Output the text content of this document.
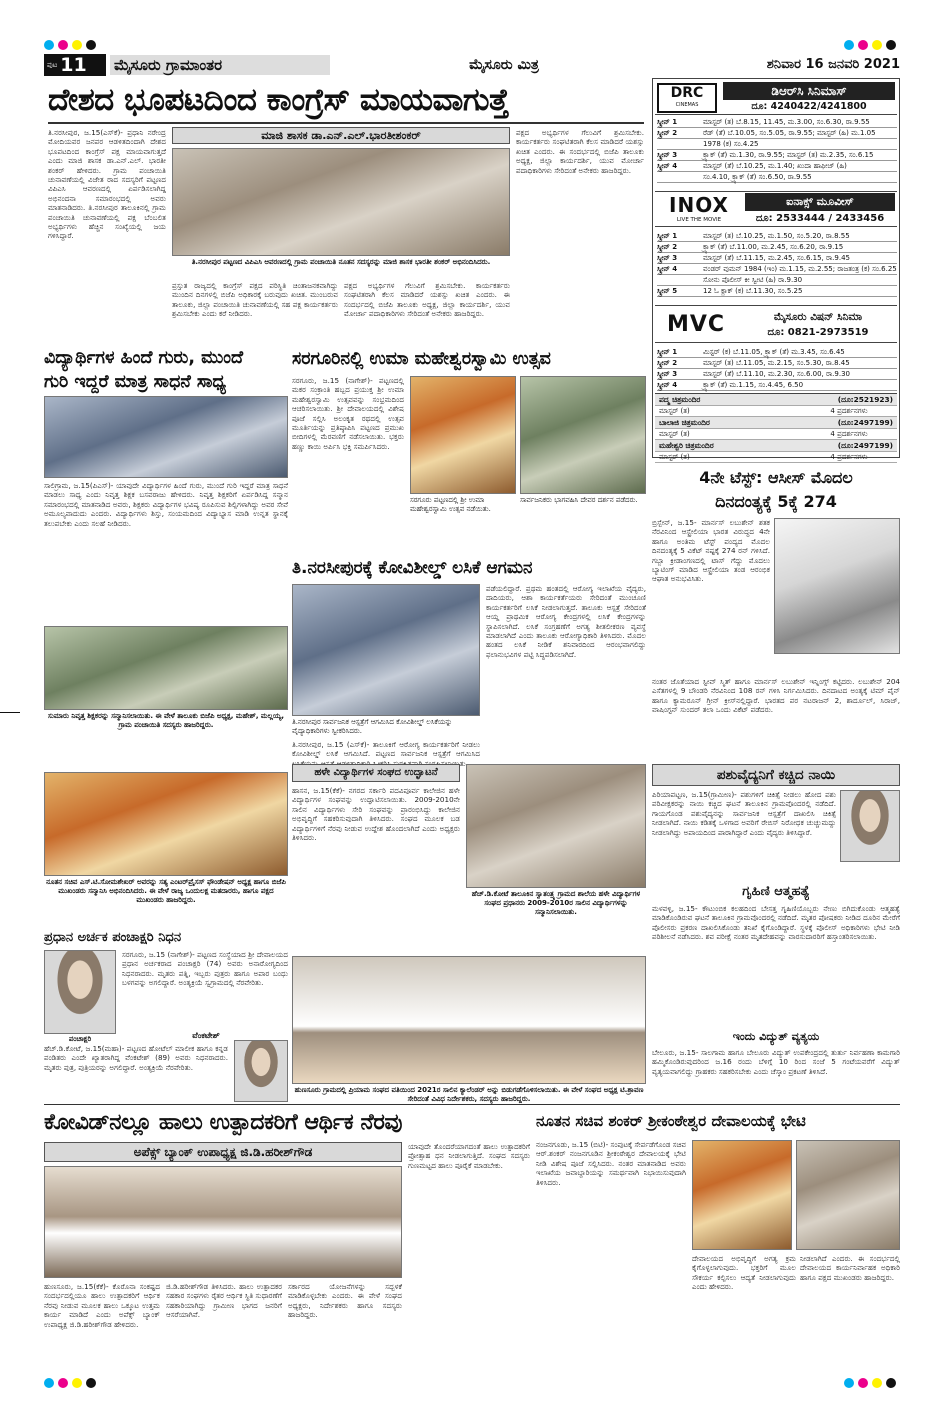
ಪುಟ 11 ಮೈಸೂರು ಗ್ರಾಮಾಂತರ	ಮೈಸೂರು ಮಿತ್ರ	ಶನಿವಾರ 16 ಜನವರಿ 2021
ದೇಶದ ಭೂಪಟದಿಂದ ಕಾಂಗ್ರೆಸ್ ಮಾಯವಾಗುತ್ತೆ
ತಿ.ನರಸೀಪುರ, ಜ.15(ಎಸ್‌ಕೆ)- ಪ್ರಧಾನಿ ನರೇಂದ್ರ ಮೋದಿಯವರ ಜನಪರ ಆಡಳಿತದಿಂದಾಗಿ ದೇಶದ ಭೂಪಟದಿಂದ ಕಾಂಗ್ರೆಸ್ ಪಕ್ಷ ಮಾಯವಾಗುತ್ತದೆ ಎಂದು ಮಾಜಿ ಶಾಸಕ ಡಾ.ಎನ್.ಎಲ್. ಭಾರತೀ ಶಂಕರ್ ಹೇಳಿದರು. ಗ್ರಾಮ ಪಂಚಾಯಿತಿ ಚುನಾವಣೆಯಲ್ಲಿ ವಿಜೇತ ರಾದ ಸದಸ್ಯರಿಗೆ ಪಟ್ಟಣದ ವಿಪಿಎಸಿ ಆವರಣದಲ್ಲಿ ಏರ್ಪಡಿಸಲಾಗಿದ್ದ ಅಭಿನಂದನಾ ಸಮಾರಂಭದಲ್ಲಿ ಅವರು ಮಾತನಾಡಿದರು. ತಿ.ನರಸೀಪುರ ತಾಲೂಕಿನಲ್ಲಿ ಗ್ರಾಮ ಪಂಚಾಯಿತಿ ಚುನಾವಣೆಯಲ್ಲಿ ಪಕ್ಷ ಬೆಂಬಲಿತ ಅಭ್ಯರ್ಥಿಗಳು ಹೆಚ್ಚಿನ ಸಂಖ್ಯೆಯಲ್ಲಿ ಜಯ ಗಳಿಸಿದ್ದಾರೆ.
ಮಾಜಿ ಶಾಸಕ ಡಾ.ಎನ್.ಎಲ್.ಭಾರತೀಶಂಕರ್
ತಿ.ನರಸೀಪುರ ಪಟ್ಟಣದ ವಿಪಿಎಸಿ ಆವರಣದಲ್ಲಿ ಗ್ರಾಮ ಪಂಚಾಯಿತಿ ನೂತನ ಸದಸ್ಯರನ್ನು ಮಾಜಿ ಶಾಸಕ ಭಾರತೀ ಶಂಕರ್ ಅಭಿನಂದಿಸಿದರು.
ಪ್ರಸ್ತುತ ರಾಜ್ಯದಲ್ಲಿ ಕಾಂಗ್ರೆಸ್ ಪಕ್ಷದ ಪರಿಸ್ಥಿತಿ ಚಿಂತಾಜನಕವಾಗಿದ್ದು ಮುಂದಿನ ದಿನಗಳಲ್ಲಿ ಬಿಜೆಪಿ ಅಧಿಕಾರಕ್ಕೆ ಬರುವುದು ಖಚಿತ. ಮುಂಬರುವ ತಾಲೂಕು, ಜಿಲ್ಲಾ ಪಂಚಾಯಿತಿ ಚುನಾವಣೆಯಲ್ಲಿ ಸಹ ಪಕ್ಷ ಕಾರ್ಯಕರ್ತರು ಶ್ರಮಿಸಬೇಕು ಎಂದು ಕರೆ ನೀಡಿದರು.
ಪಕ್ಷದ ಅಭ್ಯರ್ಥಿಗಳ ಗೆಲುವಿಗೆ ಶ್ರಮಿಸಬೇಕು. ಕಾರ್ಯಕರ್ತರು ಸಂಘಟಿತರಾಗಿ ಕೆಲಸ ಮಾಡಿದರೆ ಯಶಸ್ಸು ಖಚಿತ ಎಂದರು. ಈ ಸಂದರ್ಭದಲ್ಲಿ ಬಿಜೆಪಿ ತಾಲೂಕು ಅಧ್ಯಕ್ಷ, ಜಿಲ್ಲಾ ಕಾರ್ಯದರ್ಶಿ, ಯುವ ಮೋರ್ಚಾ ಪದಾಧಿಕಾರಿಗಳು ಸೇರಿದಂತೆ ಅನೇಕರು ಹಾಜರಿದ್ದರು.
ಪಕ್ಷದ ಅಭ್ಯರ್ಥಿಗಳ ಗೆಲುವಿಗೆ ಶ್ರಮಿಸಬೇಕು. ಕಾರ್ಯಕರ್ತರು ಸಂಘಟಿತರಾಗಿ ಕೆಲಸ ಮಾಡಿದರೆ ಯಶಸ್ಸು ಖಚಿತ ಎಂದರು. ಈ ಸಂದರ್ಭದಲ್ಲಿ ಬಿಜೆಪಿ ತಾಲೂಕು ಅಧ್ಯಕ್ಷ, ಜಿಲ್ಲಾ ಕಾರ್ಯದರ್ಶಿ, ಯುವ ಮೋರ್ಚಾ ಪದಾಧಿಕಾರಿಗಳು ಸೇರಿದಂತೆ ಅನೇಕರು ಹಾಜರಿದ್ದರು.
DRC
CINEMAS
ಡಿಆರ್‌ಸಿ ಸಿನಿಮಾಸ್
ದೂ: 4240422/4241800
ಸ್ಕ್ರೀನ್ 1	ಮಾಸ್ಟರ್ (ತ) ಬೆ.8.15, 11.45, ಮ.3.00, ಸಂ.6.30, ರಾ.9.55
ಸ್ಕ್ರೀನ್ 2	ರೆಡ್ (ತೆ) ಬೆ.10.05, ಸಂ.5.05, ರಾ.9.55; ಮಾಸ್ಟರ್ (ಹಿ) ಮ.1.05
1978 (ಕ) ಸಂ.4.25
ಸ್ಕ್ರೀನ್ 3	ಕ್ರ್ಯಾಕ್ (ತೆ) ಮ.1.30, ರಾ.9.55; ಮಾಸ್ಟರ್ (ತ) ಮ.2.35, ಸಂ.6.15
ಸ್ಕ್ರೀನ್ 4	ಮಾಸ್ಟರ್ (ತೆ) ಬೆ.10.25, ಮ.1.40; ಖುದಾ ಹಾಫೀಜ್ (ಹಿ)
ಸಂ.4.10, ಕ್ರ್ಯಾಕ್ (ತೆ) ಸಂ.6.50, ರಾ.9.55
INOX
LIVE THE MOVIE
ಐನಾಕ್ಸ್ ಮೂವೀಸ್
ದೂ: 2533444 / 2433456
ಸ್ಕ್ರೀನ್ 1	ಮಾಸ್ಟರ್ (ತ) ಬೆ.10.25, ಮ.1.50, ಸಂ.5.20, ರಾ.8.55
ಸ್ಕ್ರೀನ್ 2	ಕ್ರ್ಯಾಕ್ (ತೆ) ಬೆ.11.00, ಮ.2.45, ಸಂ.6.20, ರಾ.9.15
ಸ್ಕ್ರೀನ್ 3	ಮಾಸ್ಟರ್ (ತೆ) ಬೆ.11.15, ಮ.2.45, ಸಂ.6.15, ರಾ.9.45
ಸ್ಕ್ರೀನ್ 4	ವಂಡರ್ ವುಮನ್ 1984 (ಇಂ) ಮ.1.15, ಮ.2.55; ರಾಜತಂತ್ರ (ಕ) ಸಂ.6.25
ಸೋನು ಪೊಲೀಸ್ ಕೀ ಸ್ವೀಟಿ (ಹಿ) ರಾ.9.30
ಸ್ಕ್ರೀನ್ 5	12 ಓ ಕ್ಲಾಕ್ (ಕ) ಬೆ.11.30, ಸಂ.5.25
MVC	ಮೈಸೂರು ವಿಷನ್ ಸಿನಿಮಾ
ದೂ: 0821-2973519
ಸ್ಕ್ರೀನ್ 1	ಮಿಸ್ಟರ್ (ಕ) ಬೆ.11.05, ಕ್ರ್ಯಾಕ್ (ತೆ) ಮ.3.45, ಸಂ.6.45
ಸ್ಕ್ರೀನ್ 2	ಮಾಸ್ಟರ್ (ತ) ಬೆ.11.05, ಮ.2.15, ಸಂ.5.30, ರಾ.8.45
ಸ್ಕ್ರೀನ್ 3	ಮಾಸ್ಟರ್ (ತೆ) ಬೆ.11.10, ಮ.2.30, ಸಂ.6.00, ರಾ.9.30
ಸ್ಕ್ರೀನ್ 4	ಕ್ರ್ಯಾಕ್ (ತೆ) ಮ.1.15, ಸಂ.4.45, 6.50
ಪದ್ಮ ಚಿತ್ರಮಂದಿರ	(ದೂ:2521923)
ಮಾಸ್ಟರ್ (ತ)	4 ಪ್ರದರ್ಶನಗಳು
ಬಾಲಾಜಿ ಚಿತ್ರಮಂದಿರ	(ದೂ:2497199)
ಮಾಸ್ಟರ್ (ತ)	4 ಪ್ರದರ್ಶನಗಳು
ಮಹೇಶ್ವರಿ ಚಿತ್ರಮಂದಿರ	(ದೂ:2497199)
ಮಾಸ್ಟರ್ (ತ)	4 ಪ್ರದರ್ಶನಗಳು
ವಿದ್ಯಾರ್ಥಿಗಳ ಹಿಂದೆ ಗುರು, ಮುಂದೆ
ಗುರಿ ಇದ್ದರೆ ಮಾತ್ರ ಸಾಧನೆ ಸಾಧ್ಯ
ಸಾಲಿಗ್ರಾಮ, ಜ.15(ಪಿಎಸ್)- ಯಾವುದೇ ವಿದ್ಯಾರ್ಥಿಗಳ ಹಿಂದೆ ಗುರು, ಮುಂದೆ ಗುರಿ ಇದ್ದರೆ ಮಾತ್ರ ಸಾಧನೆ ಮಾಡಲು ಸಾಧ್ಯ ಎಂದು ನಿವೃತ್ತ ಶಿಕ್ಷಕ ಬಸವರಾಜು ಹೇಳಿದರು. ನಿವೃತ್ತ ಶಿಕ್ಷಕರಿಗೆ ಏರ್ಪಡಿಸಿದ್ದ ಸನ್ಮಾನ ಸಮಾರಂಭದಲ್ಲಿ ಮಾತನಾಡಿದ ಅವರು, ಶಿಕ್ಷಕರು ವಿದ್ಯಾರ್ಥಿಗಳ ಭವಿಷ್ಯ ರೂಪಿಸುವ ಶಿಲ್ಪಿಗಳಾಗಿದ್ದು ಅವರ ಸೇವೆ ಅಮೂಲ್ಯವಾದುದು ಎಂದರು. ವಿದ್ಯಾರ್ಥಿಗಳು ಶಿಸ್ತು, ಸಂಯಮದಿಂದ ವಿದ್ಯಾಭ್ಯಾಸ ಮಾಡಿ ಉನ್ನತ ಸ್ಥಾನಕ್ಕೆ ತಲುಪಬೇಕು ಎಂದು ಸಲಹೆ ನೀಡಿದರು.
ಸುಮಾರು ನಿವೃತ್ತ ಶಿಕ್ಷಕರನ್ನು ಸನ್ಮಾನಿಸಲಾಯಿತು. ಈ ವೇಳೆ ತಾಲೂಕು ಬಿಜೆಪಿ ಅಧ್ಯಕ್ಷ, ಮಹೇಶ್, ಮಲ್ಲಯ್ಯ, ಗ್ರಾಮ ಪಂಚಾಯಿತಿ ಸದಸ್ಯರು ಹಾಜರಿದ್ದರು.
ಸರಗೂರಿನಲ್ಲಿ ಉಮಾ ಮಹೇಶ್ವರಸ್ವಾಮಿ ಉತ್ಸವ
ಸರಗೂರು, ಜ.15 (ನಾಗೇಶ್)- ಪಟ್ಟಣದಲ್ಲಿ ಮಕರ ಸಂಕ್ರಾಂತಿ ಹಬ್ಬದ ಪ್ರಯುಕ್ತ ಶ್ರೀ ಉಮಾ ಮಹೇಶ್ವರಸ್ವಾಮಿ ಉತ್ಸವವನ್ನು ಸಂಭ್ರಮದಿಂದ ಆಚರಿಸಲಾಯಿತು. ಶ್ರೀ ದೇವಾಲಯದಲ್ಲಿ ವಿಶೇಷ ಪೂಜೆ ಸಲ್ಲಿಸಿ ಅಲಂಕೃತ ರಥದಲ್ಲಿ ಉತ್ಸವ ಮೂರ್ತಿಯನ್ನು ಪ್ರತಿಷ್ಠಾಪಿಸಿ ಪಟ್ಟಣದ ಪ್ರಮುಖ ಬೀದಿಗಳಲ್ಲಿ ಮೆರವಣಿಗೆ ನಡೆಸಲಾಯಿತು. ಭಕ್ತರು ಹಣ್ಣು ಕಾಯಿ ಅರ್ಪಿಸಿ ಭಕ್ತಿ ಸಮರ್ಪಿಸಿದರು.
ಸರಗೂರು ಪಟ್ಟಣದಲ್ಲಿ ಶ್ರೀ ಉಮಾ ಮಹೇಶ್ವರಸ್ವಾಮಿ ಉತ್ಸವ ನಡೆಯಿತು.
ಸಾರ್ವಜನಿಕರು ಭಾಗವಹಿಸಿ ದೇವರ ದರ್ಶನ ಪಡೆದರು.
4ನೇ ಟೆಸ್ಟ್: ಆಸೀಸ್ ಮೊದಲ
ದಿನದಂತ್ಯಕ್ಕೆ 5ಕ್ಕೆ 274
ಬ್ರಿಸ್ಬೇನ್, ಜ.15- ಮಾರ್ನಸ್ ಲಬುಶೇನ್ ಶತಕ ನೆರವಿನಿಂದ ಆಸ್ಟ್ರೇಲಿಯಾ ಭಾರತ ವಿರುದ್ಧದ 4ನೇ ಹಾಗೂ ಅಂತಿಮ ಟೆಸ್ಟ್ ಪಂದ್ಯದ ಮೊದಲ ದಿನದಂತ್ಯಕ್ಕೆ 5 ವಿಕೆಟ್ ನಷ್ಟಕ್ಕೆ 274 ರನ್ ಗಳಿಸಿದೆ. ಗಬ್ಬಾ ಕ್ರೀಡಾಂಗಣದಲ್ಲಿ ಟಾಸ್ ಗೆದ್ದು ಮೊದಲು ಬ್ಯಾಟಿಂಗ್ ಮಾಡಿದ ಆಸ್ಟ್ರೇಲಿಯಾ ತಂಡ ಆರಂಭಿಕ ಆಘಾತ ಅನುಭವಿಸಿತು.
ನಂತರ ಜೊತೆಯಾದ ಸ್ಟೀವ್ ಸ್ಮಿತ್ ಹಾಗೂ ಮಾರ್ನಸ್ ಲಬುಶೇನ್ ಇನ್ನಿಂಗ್ಸ್ ಕಟ್ಟಿದರು. ಲಬುಶೇನ್ 204 ಎಸೆತಗಳಲ್ಲಿ 9 ಬೌಂಡರಿ ನೆರವಿನಿಂದ 108 ರನ್ ಗಳಿಸಿ ನಿರ್ಗಮಿಸಿದರು. ದಿನದಾಟದ ಅಂತ್ಯಕ್ಕೆ ಟಿಮ್ ಪೈನ್ ಹಾಗೂ ಕ್ಯಾಮರೂನ್ ಗ್ರೀನ್ ಕ್ರೀಸ್‌ನಲ್ಲಿದ್ದಾರೆ. ಭಾರತದ ಪರ ನಟರಾಜನ್ 2, ಶಾರ್ದೂಲ್, ಸಿರಾಜ್, ವಾಷಿಂಗ್ಟನ್ ಸುಂದರ್ ತಲಾ ಒಂದು ವಿಕೆಟ್ ಪಡೆದರು.
ತಿ.ನರಸೀಪುರಕ್ಕೆ ಕೋವಿಶೀಲ್ಡ್ ಲಸಿಕೆ ಆಗಮನ
ಪಡೆಯಲಿದ್ದಾರೆ. ಪ್ರಥಮ ಹಂತದಲ್ಲಿ ಆರೋಗ್ಯ ಇಲಾಖೆಯ ವೈದ್ಯರು, ದಾದಿಯರು, ಆಶಾ ಕಾರ್ಯಕರ್ತೆಯರು ಸೇರಿದಂತೆ ಮುಂಚೂಣಿ ಕಾರ್ಯಕರ್ತರಿಗೆ ಲಸಿಕೆ ನೀಡಲಾಗುತ್ತದೆ. ತಾಲೂಕು ಆಸ್ಪತ್ರೆ ಸೇರಿದಂತೆ ಆಯ್ದ ಪ್ರಾಥಮಿಕ ಆರೋಗ್ಯ ಕೇಂದ್ರಗಳಲ್ಲಿ ಲಸಿಕೆ ಕೇಂದ್ರಗಳನ್ನು ಸ್ಥಾಪಿಸಲಾಗಿದೆ. ಲಸಿಕೆ ಸಂಗ್ರಹಣೆಗೆ ಅಗತ್ಯ ಶೀತಲೀಕರಣ ವ್ಯವಸ್ಥೆ ಮಾಡಲಾಗಿದೆ ಎಂದು ತಾಲೂಕು ಆರೋಗ್ಯಾಧಿಕಾರಿ ತಿಳಿಸಿದರು. ಮೊದಲ ಹಂತದ ಲಸಿಕೆ ನೀಡಿಕೆ ಶನಿವಾರದಿಂದ ಆರಂಭವಾಗಲಿದ್ದು ಫಲಾನುಭವಿಗಳ ಪಟ್ಟಿ ಸಿದ್ಧಪಡಿಸಲಾಗಿದೆ.
ತಿ.ನರಸೀಪುರ ಸಾರ್ವಜನಿಕ ಆಸ್ಪತ್ರೆಗೆ ಆಗಮಿಸಿದ ಕೋವಿಶೀಲ್ಡ್ ಲಸಿಕೆಯನ್ನು ವೈದ್ಯಾಧಿಕಾರಿಗಳು ಸ್ವೀಕರಿಸಿದರು.
ತಿ.ನರಸೀಪುರ, ಜ.15 (ಎಸ್‌ಕೆ)- ತಾಲೂಕಿಗೆ ಆರೋಗ್ಯ ಕಾರ್ಯಕರ್ತರಿಗೆ ನೀಡಲು ಕೋವಿಶೀಲ್ಡ್ ಲಸಿಕೆ ಆಗಮಿಸಿದೆ. ಪಟ್ಟಣದ ಸಾರ್ವಜನಿಕ ಆಸ್ಪತ್ರೆಗೆ ಆಗಮಿಸಿದ
ಪಶುವೈದ್ಯನಿಗೆ ಕಚ್ಚಿದ ನಾಯಿ
ಪಿರಿಯಾಪಟ್ಟಣ, ಜ.15(ಗ್ರಾಮೀಣ)- ಪಶುಗಳಿಗೆ ಚಿಕಿತ್ಸೆ ನೀಡಲು ಹೋದ ಪಶು ಪರಿವೀಕ್ಷಕರನ್ನು ನಾಯಿ ಕಚ್ಚಿದ ಘಟನೆ ತಾಲೂಕಿನ ಗ್ರಾಮವೊಂದರಲ್ಲಿ ನಡೆದಿದೆ. ಗಾಯಗೊಂಡ ಪಶುವೈದ್ಯನನ್ನು ಸಾರ್ವಜನಿಕ ಆಸ್ಪತ್ರೆಗೆ ದಾಖಲಿಸಿ ಚಿಕಿತ್ಸೆ ನೀಡಲಾಗಿದೆ. ನಾಯಿ ಕಡಿತಕ್ಕೆ ಒಳಗಾದ ಅವರಿಗೆ ರೇಬಿಸ್ ನಿರೋಧಕ ಚುಚ್ಚುಮದ್ದು ನೀಡಲಾಗಿದ್ದು ಅಪಾಯದಿಂದ ಪಾರಾಗಿದ್ದಾರೆ ಎಂದು ವೈದ್ಯರು ತಿಳಿಸಿದ್ದಾರೆ.
ಗೃಹಿಣಿ ಆತ್ಮಹತ್ಯೆ
ಮಳವಳ್ಳಿ, ಜ.15- ಕೌಟುಂಬಿಕ ಕಲಹದಿಂದ ಬೇಸತ್ತ ಗೃಹಿಣಿಯೊಬ್ಬರು ನೇಣು ಬಿಗಿದುಕೊಂಡು ಆತ್ಮಹತ್ಯೆ ಮಾಡಿಕೊಂಡಿರುವ ಘಟನೆ ತಾಲೂಕಿನ ಗ್ರಾಮವೊಂದರಲ್ಲಿ ನಡೆದಿದೆ. ಮೃತರ ಪೋಷಕರು ನೀಡಿದ ದೂರಿನ ಮೇರೆಗೆ ಪೊಲೀಸರು ಪ್ರಕರಣ ದಾಖಲಿಸಿಕೊಂಡು ತನಿಖೆ ಕೈಗೊಂಡಿದ್ದಾರೆ. ಸ್ಥಳಕ್ಕೆ ಪೊಲೀಸ್ ಅಧಿಕಾರಿಗಳು ಭೇಟಿ ನೀಡಿ ಪರಿಶೀಲನೆ ನಡೆಸಿದರು. ಶವ ಪರೀಕ್ಷೆ ನಂತರ ಮೃತದೇಹವನ್ನು ವಾರಸುದಾರರಿಗೆ ಹಸ್ತಾಂತರಿಸಲಾಯಿತು.
ಇಂದು ವಿದ್ಯುತ್ ವ್ಯತ್ಯಯ
ಬೇಲೂರು, ಜ.15- ಸಾಲಗಾಮ ಹಾಗೂ ಬೇಲೂರು ವಿದ್ಯುತ್ ಉಪಕೇಂದ್ರದಲ್ಲಿ ತುರ್ತು ನಿರ್ವಹಣಾ ಕಾಮಗಾರಿ ಹಮ್ಮಿಕೊಂಡಿರುವುದರಿಂದ ಜ.16 ರಂದು ಬೆಳಿಗ್ಗೆ 10 ರಿಂದ ಸಂಜೆ 5 ಗಂಟೆಯವರೆಗೆ ವಿದ್ಯುತ್ ವ್ಯತ್ಯಯವಾಗಲಿದ್ದು ಗ್ರಾಹಕರು ಸಹಕರಿಸಬೇಕು ಎಂದು ಚೆಸ್ಕಾಂ ಪ್ರಕಟಣೆ ತಿಳಿಸಿದೆ.
ನೂತನ ಸಚಿವ ಎಸ್.ಟಿ.ಸೋಮಶೇಖರ್ ಅವರನ್ನು ಸತ್ಯ ಎಂಟರ್‌ಪ್ರೈಸಸ್ ಫೌಂಡೇಷನ್ ಅಧ್ಯಕ್ಷ ಹಾಗೂ ಬಿಜೆಪಿ ಮುಖಂಡರು ಸನ್ಮಾನಿಸಿ ಅಭಿನಂದಿಸಿದರು. ಈ ವೇಳೆ ರಾಜ್ಯ ಒಂದುಲಕ್ಷ ಮತದಾರರು, ಹಾಗೂ ಪಕ್ಷದ ಮುಖಂಡರು ಹಾಜರಿದ್ದರು.
ಹಳೇ ವಿದ್ಯಾರ್ಥಿಗಳ ಸಂಘದ ಉದ್ಘಾಟನೆ
ಹಾಸನ, ಜ.15(ಕೆಕೆ)- ನಗರದ ಸರ್ಕಾರಿ ಪದವಿಪೂರ್ವ ಕಾಲೇಜಿನ ಹಳೇ ವಿದ್ಯಾರ್ಥಿಗಳ ಸಂಘವನ್ನು ಉದ್ಘಾಟಿಸಲಾಯಿತು. 2009-2010ನೇ ಸಾಲಿನ ವಿದ್ಯಾರ್ಥಿಗಳು ಸೇರಿ ಸಂಘವನ್ನು ಪ್ರಾರಂಭಿಸಿದ್ದು ಕಾಲೇಜಿನ ಅಭಿವೃದ್ಧಿಗೆ ಸಹಕರಿಸುವುದಾಗಿ ತಿಳಿಸಿದರು. ಸಂಘದ ಮೂಲಕ ಬಡ ವಿದ್ಯಾರ್ಥಿಗಳಿಗೆ ನೆರವು ನೀಡುವ ಉದ್ದೇಶ ಹೊಂದಲಾಗಿದೆ ಎಂದು ಅಧ್ಯಕ್ಷರು ತಿಳಿಸಿದರು.
ಹೆಚ್.ಡಿ.ಕೋಟೆ ತಾಲೂಕಿನ ಸ್ವಾತಂತ್ರ್ಯ ಗ್ರಾಮದ ಶಾಲೆಯ ಹಳೇ ವಿದ್ಯಾರ್ಥಿಗಳ ಸಂಘದ ಪ್ರಧಾನರು 2009-2010ರ ಸಾಲಿನ ವಿದ್ಯಾರ್ಥಿಗಳನ್ನು ಸನ್ಮಾನಿಸಲಾಯಿತು.
ಹುಣಸೂರು ಗ್ರಾಮದಲ್ಲಿ ಪ್ರಿಯಾಮ ಸಂಘದ ವತಿಯಿಂದ 2021ರ ಸಾಲಿನ ಕ್ಯಾಲೆಂಡರ್ ಅನ್ನು ಬಿಡುಗಡೆಗೊಳಿಸಲಾಯಿತು. ಈ ವೇಳೆ ಸಂಘದ ಅಧ್ಯಕ್ಷ ಟಿ.ಶ್ರಾವಣ ಸೇರಿದಂತೆ ವಿವಿಧ ನಿರ್ದೇಶಕರು, ಸದಸ್ಯರು ಹಾಜರಿದ್ದರು.
ಪ್ರಧಾನ ಅರ್ಚಕ ಪಂಚಾಕ್ಷರಿ ನಿಧನ
ಸರಗೂರು, ಜ.15 (ನಾಗೇಶ್)- ಪಟ್ಟಣದ ಸಂಸ್ಥೆಯಾದ ಶ್ರೀ ದೇವಾಲಯದ ಪ್ರಧಾನ ಅರ್ಚಕರಾದ ಪಂಚಾಕ್ಷರಿ (74) ಅವರು ಅನಾರೋಗ್ಯದಿಂದ ನಿಧನರಾದರು. ಮೃತರು ಪತ್ನಿ, ಇಬ್ಬರು ಪುತ್ರರು ಹಾಗೂ ಅಪಾರ ಬಂಧು ಬಳಗವನ್ನು ಅಗಲಿದ್ದಾರೆ. ಅಂತ್ಯಕ್ರಿಯೆ ಸ್ವಗ್ರಾಮದಲ್ಲಿ ನೆರವೇರಿತು.
ಪಂಚಾಕ್ಷರಿ	ವೆಂಕಟೇಶ್
ಹೆಚ್.ಡಿ.ಕೋಟೆ, ಜ.15(ಮಹಾ)- ಪಟ್ಟಣದ ಹೋಟೆಲ್ ಮಾಲೀಕ ಹಾಗೂ ಕನ್ನಡ ಪಂಡಿತರು ಎಂದೇ ಖ್ಯಾತರಾಗಿದ್ದ ವೆಂಕಟೇಶ್ (89) ಅವರು ನಿಧನರಾದರು. ಮೃತರು ಪುತ್ರ, ಪುತ್ರಿಯರನ್ನು ಅಗಲಿದ್ದಾರೆ. ಅಂತ್ಯಕ್ರಿಯೆ ನೆರವೇರಿತು.
ಕೋವಿಡ್‌ನಲ್ಲೂ ಹಾಲು ಉತ್ಪಾದಕರಿಗೆ ಆರ್ಥಿಕ ನೆರವು
ಅಪೆಕ್ಸ್ ಬ್ಯಾಂಕ್ ಉಪಾಧ್ಯಕ್ಷ ಜಿ.ಡಿ.ಹರೀಶ್‌ಗೌಡ
ಹುಣಸೂರು, ಜ.15(ಕೆಕೆ)- ಕೊರೊನಾ ಸಂಕಷ್ಟದ ಸಂದರ್ಭದಲ್ಲಿಯೂ ಹಾಲು ಉತ್ಪಾದಕರಿಗೆ ಆರ್ಥಿಕ ನೆರವು ನೀಡುವ ಮೂಲಕ ಹಾಲು ಒಕ್ಕೂಟ ಉತ್ತಮ ಕಾರ್ಯ ಮಾಡಿದೆ ಎಂದು ಅಪೆಕ್ಸ್ ಬ್ಯಾಂಕ್ ಉಪಾಧ್ಯಕ್ಷ ಜಿ.ಡಿ.ಹರೀಶ್‌ಗೌಡ ಹೇಳಿದರು.
ಜಿ.ಡಿ.ಹರೀಶ್‌ಗೌಡ ತಿಳಿಸಿದರು. ಹಾಲು ಉತ್ಪಾದಕರ ಸಹಕಾರ ಸಂಘಗಳು ರೈತರ ಆರ್ಥಿಕ ಸ್ಥಿತಿ ಸುಧಾರಣೆಗೆ ಸಹಕಾರಿಯಾಗಿದ್ದು ಗ್ರಾಮೀಣ ಭಾಗದ ಜನರಿಗೆ ಆಸರೆಯಾಗಿವೆ.
ಯಾವುದೇ ತೊಂದರೆಯಾಗದಂತೆ ಹಾಲು ಉತ್ಪಾದಕರಿಗೆ ಪ್ರೋತ್ಸಾಹ ಧನ ನೀಡಲಾಗುತ್ತಿದೆ. ಸಂಘದ ಸದಸ್ಯರು ಗುಣಮಟ್ಟದ ಹಾಲು ಪೂರೈಕೆ ಮಾಡಬೇಕು.
ಸರ್ಕಾರದ ಯೋಜನೆಗಳನ್ನು ಸದ್ಬಳಕೆ ಮಾಡಿಕೊಳ್ಳಬೇಕು ಎಂದರು. ಈ ವೇಳೆ ಸಂಘದ ಅಧ್ಯಕ್ಷರು, ನಿರ್ದೇಶಕರು ಹಾಗೂ ಸದಸ್ಯರು ಹಾಜರಿದ್ದರು.
ನೂತನ ಸಚಿವ ಶಂಕರ್ ಶ್ರೀಕಂಠೇಶ್ವರ ದೇವಾಲಯಕ್ಕೆ ಭೇಟಿ
ನಂಜನಗೂಡು, ಜ.15 (ಬಿಟಿ)- ಸಂಪುಟಕ್ಕೆ ಸೇರ್ಪಡೆಗೊಂಡ ಸಚಿವ ಆರ್.ಶಂಕರ್ ನಂಜನಗೂಡಿನ ಶ್ರೀಕಂಠೇಶ್ವರ ದೇವಾಲಯಕ್ಕೆ ಭೇಟಿ ನೀಡಿ ವಿಶೇಷ ಪೂಜೆ ಸಲ್ಲಿಸಿದರು. ನಂತರ ಮಾತನಾಡಿದ ಅವರು ಇಲಾಖೆಯ ಜವಾಬ್ದಾರಿಯನ್ನು ಸಮರ್ಥವಾಗಿ ನಿಭಾಯಿಸುವುದಾಗಿ ತಿಳಿಸಿದರು.
ದೇವಾಲಯದ ಅಭಿವೃದ್ಧಿಗೆ ಅಗತ್ಯ ಕ್ರಮ ಕೈಗೊಳ್ಳಲಾಗುವುದು. ಭಕ್ತರಿಗೆ ಮೂಲ ಸೌಕರ್ಯ ಕಲ್ಪಿಸಲು ಆದ್ಯತೆ ನೀಡಲಾಗುವುದು ಎಂದು ಹೇಳಿದರು.
ನೀಡಲಾಗಿದೆ ಎಂದರು. ಈ ಸಂದರ್ಭದಲ್ಲಿ ದೇವಾಲಯದ ಕಾರ್ಯನಿರ್ವಾಹಕ ಅಧಿಕಾರಿ ಹಾಗೂ ಪಕ್ಷದ ಮುಖಂಡರು ಹಾಜರಿದ್ದರು.
